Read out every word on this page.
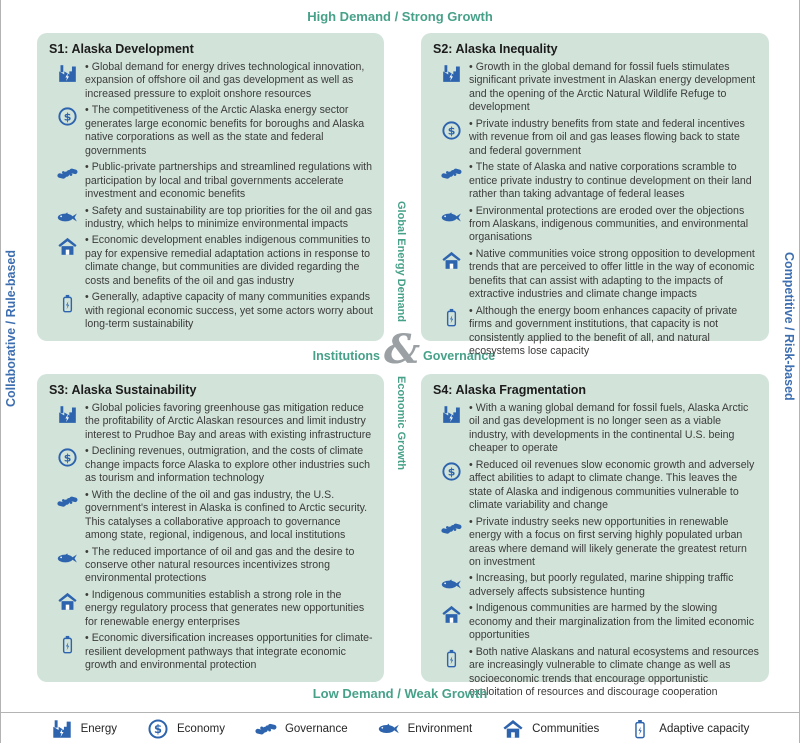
High Demand / Strong Growth
Collaborative / Rule-based	Competitive / Risk-based
Global Energy Demand
Economic Growth
Institutions & Governance
S1: Alaska Development
• Global demand for energy drives technological innovation, expansion of offshore oil and gas development as well as increased pressure to exploit onshore resources
• The competitiveness of the Arctic Alaska energy sector generates large economic benefits for boroughs and Alaska native corporations as well as the state and federal governments
• Public-private partnerships and streamlined regulations with participation by local and tribal governments accelerate investment and economic benefits
• Safety and sustainability are top priorities for the oil and gas industry, which helps to minimize environmental impacts
• Economic development enables indigenous communities to pay for expensive remedial adaptation actions in response to climate change, but communities are divided regarding the costs and benefits of the oil and gas industry
• Generally, adaptive capacity of many communities expands with regional economic success, yet some actors worry about long-term sustainability
S2: Alaska Inequality
• Growth in the global demand for fossil fuels stimulates significant private investment in Alaskan energy development and the opening of the Arctic Natural Wildlife Refuge to development
• Private industry benefits from state and federal incentives with revenue from oil and gas leases flowing back to state and federal government
• The state of Alaska and native corporations scramble to entice private industry to continue development on their land rather than taking advantage of federal leases
• Environmental protections are eroded over the objections from Alaskans, indigenous communities, and environmental organisations
• Native communities voice strong opposition to development trends that are perceived to offer little in the way of economic benefits that can assist with adapting to the impacts of extractive industries and climate change impacts
• Although the energy boom enhances capacity of private firms and government institutions, that capacity is not consistently applied to the benefit of all, and natural ecosystems lose capacity
S3: Alaska Sustainability
• Global policies favoring greenhouse gas mitigation reduce the profitability of Arctic Alaskan resources and limit industry interest to Prudhoe Bay and areas with existing infrastructure
• Declining revenues, outmigration, and the costs of climate change impacts force Alaska to explore other industries such as tourism and information technology
• With the decline of the oil and gas industry, the U.S. government's interest in Alaska is confined to Arctic security. This catalyses a collaborative approach to governance among state, regional, indigenous, and local institutions
• The reduced importance of oil and gas and the desire to conserve other natural resources incentivizes strong environmental protections
• Indigenous communities establish a strong role in the energy regulatory process that generates new opportunities for renewable energy enterprises
• Economic diversification increases opportunities for climate-resilient development pathways that integrate economic growth and environmental protection
S4: Alaska Fragmentation
• With a waning global demand for fossil fuels, Alaska Arctic oil and gas development is no longer seen as a viable industry, with developments in the continental U.S. being cheaper to operate
• Reduced oil revenues slow economic growth and adversely affect abilities to adapt to climate change. This leaves the state of Alaska and indigenous communities vulnerable to climate variability and change
• Private industry seeks new opportunities in renewable energy with a focus on first serving highly populated urban areas where demand will likely generate the greatest return on investment
• Increasing, but poorly regulated, marine shipping traffic adversely affects subsistence hunting
• Indigenous communities are harmed by the slowing economy and their marginalization from the limited economic opportunities
• Both native Alaskans and natural ecosystems and resources are increasingly vulnerable to climate change as well as socioeconomic trends that encourage opportunistic exploitation of resources and discourage cooperation
Low Demand / Weak Growth
Energy	Economy	Governance	Environment	Communities	Adaptive capacity
